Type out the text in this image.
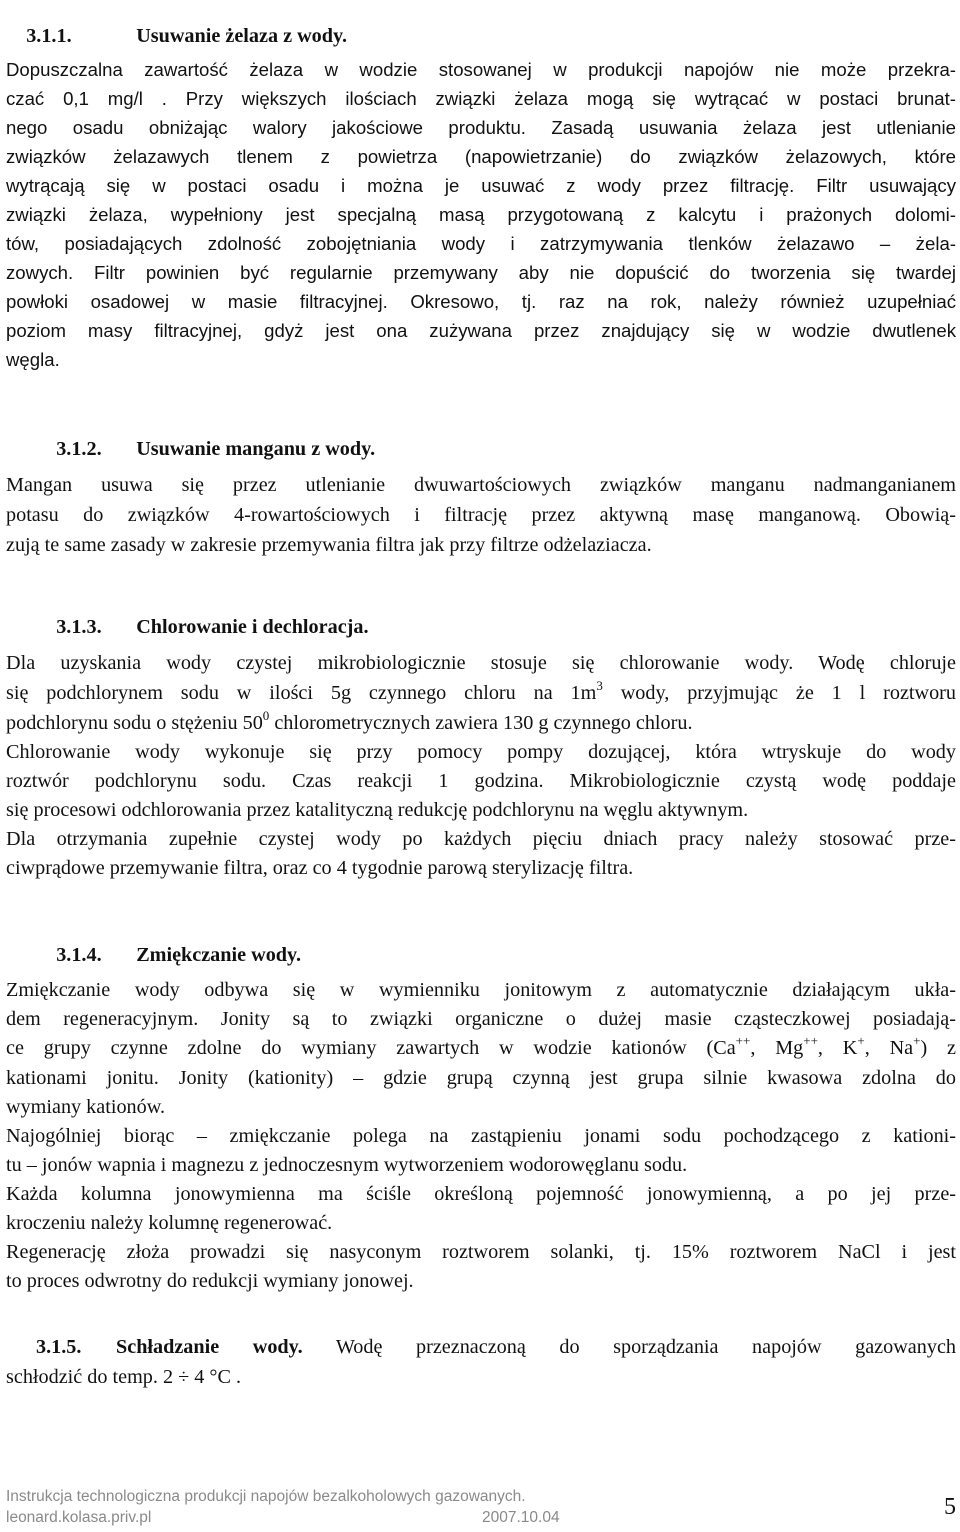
3.1.1.	Usuwanie żelaza z wody.

Dopuszczalna zawartość żelaza w wodzie stosowanej w produkcji napojów nie może przekra-
czać 0,1 mg/l . Przy większych ilościach związki żelaza mogą się wytrącać w postaci brunat-
nego osadu obniżając walory jakościowe produktu. Zasadą usuwania żelaza jest utlenianie
związków żelazawych tlenem z powietrza (napowietrzanie) do związków żelazowych, które
wytrącają się w postaci osadu i można je usuwać z wody przez filtrację. Filtr usuwający
związki żelaza, wypełniony jest specjalną masą przygotowaną z kalcytu i prażonych dolomi-
tów, posiadających zdolność zobojętniania wody i zatrzymywania tlenków żelazawo – żela-
zowych. Filtr powinien być regularnie przemywany aby nie dopuścić do tworzenia się twardej
powłoki osadowej w masie filtracyjnej. Okresowo, tj. raz na rok, należy również uzupełniać
poziom masy filtracyjnej, gdyż jest ona zużywana przez znajdujący się w wodzie dwutlenek
węgla.

3.1.2. Usuwanie manganu z wody.

Mangan usuwa się przez utlenianie dwuwartościowych związków manganu nadmanganianem
potasu do związków 4-rowartościowych i filtrację przez aktywną masę manganową. Obowią-
zują te same zasady w zakresie przemywania filtra jak przy filtrze odżelaziacza.

3.1.3. Chlorowanie i dechloracja.

Dla uzyskania wody czystej mikrobiologicznie stosuje się chlorowanie wody. Wodę chloruje
się podchlorynem sodu w ilości 5g czynnego chloru na $1m^3$ wody, przyjmując że 1 l roztworu
podchlorynu sodu o stężeniu $50^0$ chlorometrycznych zawiera 130 g czynnego chloru.
Chlorowanie wody wykonuje się przy pomocy pompy dozującej, która wtryskuje do wody
roztwór podchlorynu sodu. Czas reakcji 1 godzina. Mikrobiologicznie czystą wodę poddaje
się procesowi odchlorowania przez katalityczną redukcję podchlorynu na węglu aktywnym.
Dla otrzymania zupełnie czystej wody po każdych pięciu dniach pracy należy stosować prze-
ciwprądowe przemywanie filtra, oraz co 4 tygodnie parową sterylizację filtra.

3.1.4. Zmiękczanie wody.

Zmiękczanie wody odbywa się w wymienniku jonitowym z automatycznie działającym ukła-
dem regeneracyjnym. Jonity są to związki organiczne o dużej masie cząsteczkowej posiadają-
ce grupy czynne zdolne do wymiany zawartych w wodzie kationów (Ca++, Mg++, K+, Na+) z
kationami jonitu. Jonity (kationity) – gdzie grupą czynną jest grupa silnie kwasowa zdolna do
wymiany kationów.
Najogólniej biorąc – zmiękczanie polega na zastąpieniu jonami sodu pochodzącego z kationi-
tu – jonów wapnia i magnezu z jednoczesnym wytworzeniem wodorowęglanu sodu.
Każda kolumna jonowymienna ma ściśle określoną pojemność jonowymienną, a po jej prze-
kroczeniu należy kolumnę regenerować.
Regenerację złoża prowadzi się nasyconym roztworem solanki, tj. 15% roztworem NaCl i jest
to proces odwrotny do redukcji wymiany jonowej.
3.1.5. Schładzanie wody. Wodę przeznaczoną do sporządzania napojów gazowanych
schłodzić do temp. 2 ÷ 4 °C .
Instrukcja technologiczna produkcji napojów bezalkoholowych gazowanych.
leonard.kolasa.priv.pl	2007.10.04	5
